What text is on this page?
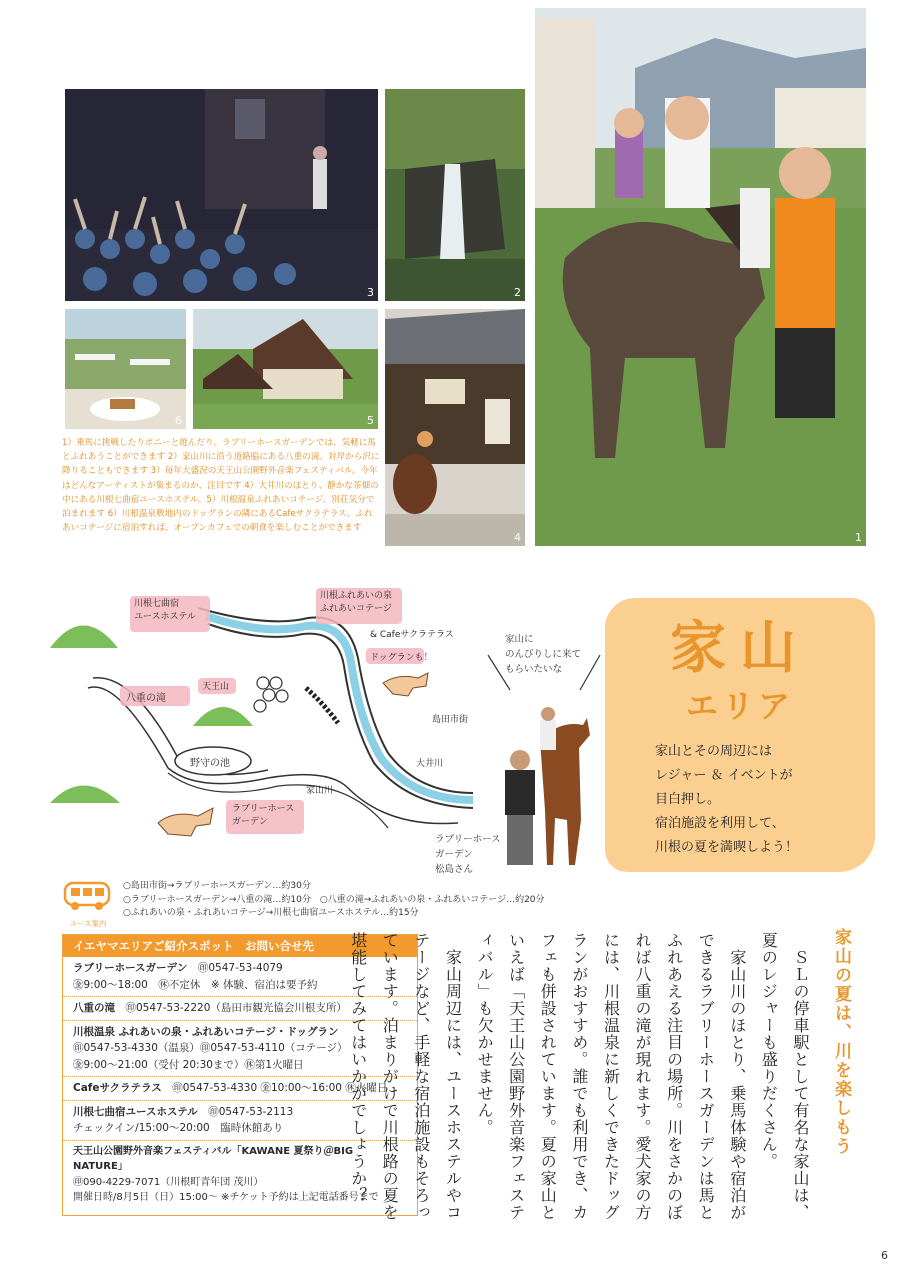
3	2
1
6	5
4
1）乗馬に挑戦したりポニーと遊んだり。ラブリーホースガーデンでは、気軽に馬とふれあうことができます 2）家山川に沿う道路脇にある八重の滝。対岸から沢に降りることもできます 3）毎年大盛況の天王山公園野外音楽フェスティバル。今年はどんなアーティストが集まるのか、注目です 4）大井川のほとり、静かな茶畑の中にある川根七曲宿ユースホステル。5）川根温泉ふれあいコテージ。別荘気分で泊まれます 6）川根温泉敷地内のドッグランの隣にあるCafeサクラテラス。ふれあいコテージに宿泊すれば、オープンカフェでの朝食を楽しむことができます
川根七曲宿
ユースホステル
川根ふれあいの泉
ふれあいコテージ
& Cafeサクラテラス
ドッグランも！
八重の滝
天王山
島田市街
大井川
家山川
野守の池
ラブリーホース
ガーデン
家山に
のんびりしに来て
もらいたいな
ラブリーホース
ガーデン
松島さん
家山
エリア
家山とその周辺には
レジャー ＆ イベントが
目白押し。
宿泊施設を利用して、
川根の夏を満喫しよう！
ユース案内
○島田市街→ラブリーホースガーデン…約30分
○ラブリーホースガーデン→八重の滝…約10分　○八重の滝→ふれあいの泉・ふれあいコテージ…約20分
○ふれあいの泉・ふれあいコテージ→川根七曲宿ユースホステル…約15分
イエヤマエリアご紹介スポット　お問い合せ先
ラブリーホースガーデン　 ㊞0547-53-4079
㊎9:00～18:00　㊡不定休　※ 体験、宿泊は要予約
八重の滝　 ㊞0547-53-2220（島田市観光協会川根支所）
川根温泉 ふれあいの泉・ふれあいコテージ・ドッグラン
㊞0547-53-4330（温泉）㊞0547-53-4110（コテージ）
㊎9:00～21:00（受付 20:30まで）㊡第1火曜日
Cafeサクラテラス　 ㊞0547-53-4330 ㊎10:00～16:00 ㊡火曜日
川根七曲宿ユースホステル　 ㊞0547-53-2113
チェックイン/15:00～20:00　臨時休館あり
天王山公園野外音楽フェスティバル「KAWANE 夏祭り＠BIG NATURE」
㊞090-4229-7071（川根町青年団 茂川）
開催日時/8月5日（日）15:00～ ※チケット予約は上記電話番号まで
家山の夏は、川を楽しもう
　ＳＬの停車駅として有名な家山は、夏のレジャーも盛りだくさん。
　家山川のほとり、乗馬体験や宿泊ができるラブリーホースガーデンは馬とふれあえる注目の場所。川をさかのぼれば八重の滝が現れます。愛犬家の方には、川根温泉に新しくできたドッグランがおすすめ。誰でも利用でき、カフェも併設されています。夏の家山といえば「天王山公園野外音楽フェスティバル」も欠かせません。
　家山周辺には、ユースホステルやコテージなど、手軽な宿泊施設もそろっています。泊まりがけで川根路の夏を堪能してみてはいかがでしょうか？
6
